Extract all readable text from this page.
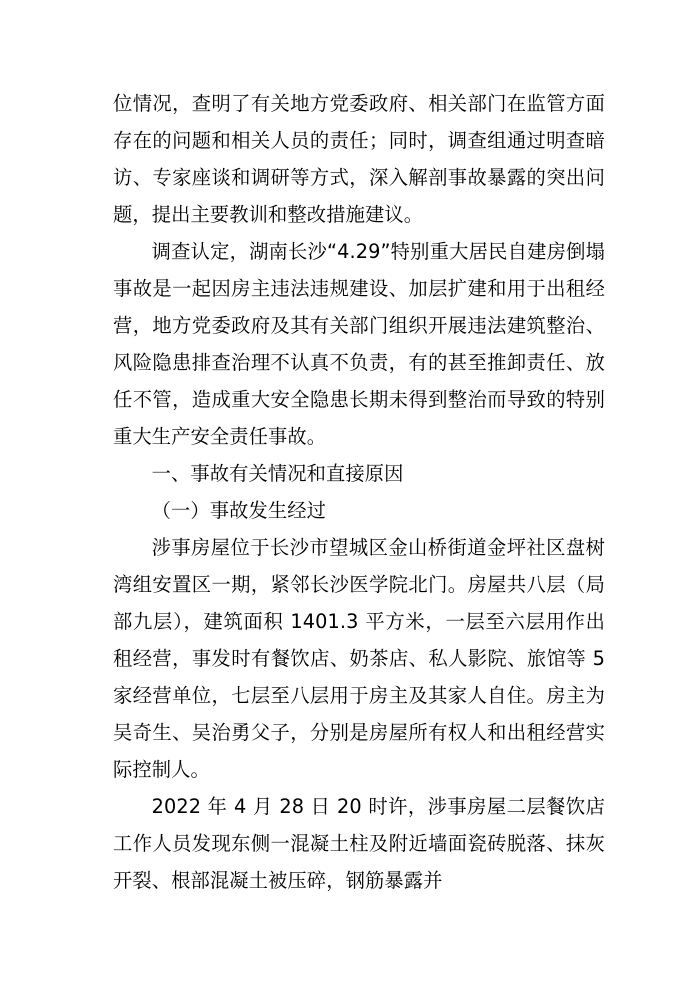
位情况，查明了有关地方党委政府、相关部门在监管方面存在的问题和相关人员的责任；同时，调查组通过明查暗访、专家座谈和调研等方式，深入解剖事故暴露的突出问题，提出主要教训和整改措施建议。

调查认定，湖南长沙“4.29”特别重大居民自建房倒塌事故是一起因房主违法违规建设、加层扩建和用于出租经营，地方党委政府及其有关部门组织开展违法建筑整治、风险隐患排查治理不认真不负责，有的甚至推卸责任、放任不管，造成重大安全隐患长期未得到整治而导致的特别重大生产安全责任事故。

一、事故有关情况和直接原因

（一）事故发生经过

涉事房屋位于长沙市望城区金山桥街道金坪社区盘树湾组安置区一期，紧邻长沙医学院北门。房屋共八层（局部九层），建筑面积 1401.3 平方米，一层至六层用作出租经营，事发时有餐饮店、奶茶店、私人影院、旅馆等 5 家经营单位，七层至八层用于房主及其家人自住。房主为吴奇生、吴治勇父子，分别是房屋所有权人和出租经营实际控制人。

2022 年 4 月 28 日 20 时许，涉事房屋二层餐饮店工作人员发现东侧一混凝土柱及附近墙面瓷砖脱落、抹灰开裂、根部混凝土被压碎，钢筋暴露并
